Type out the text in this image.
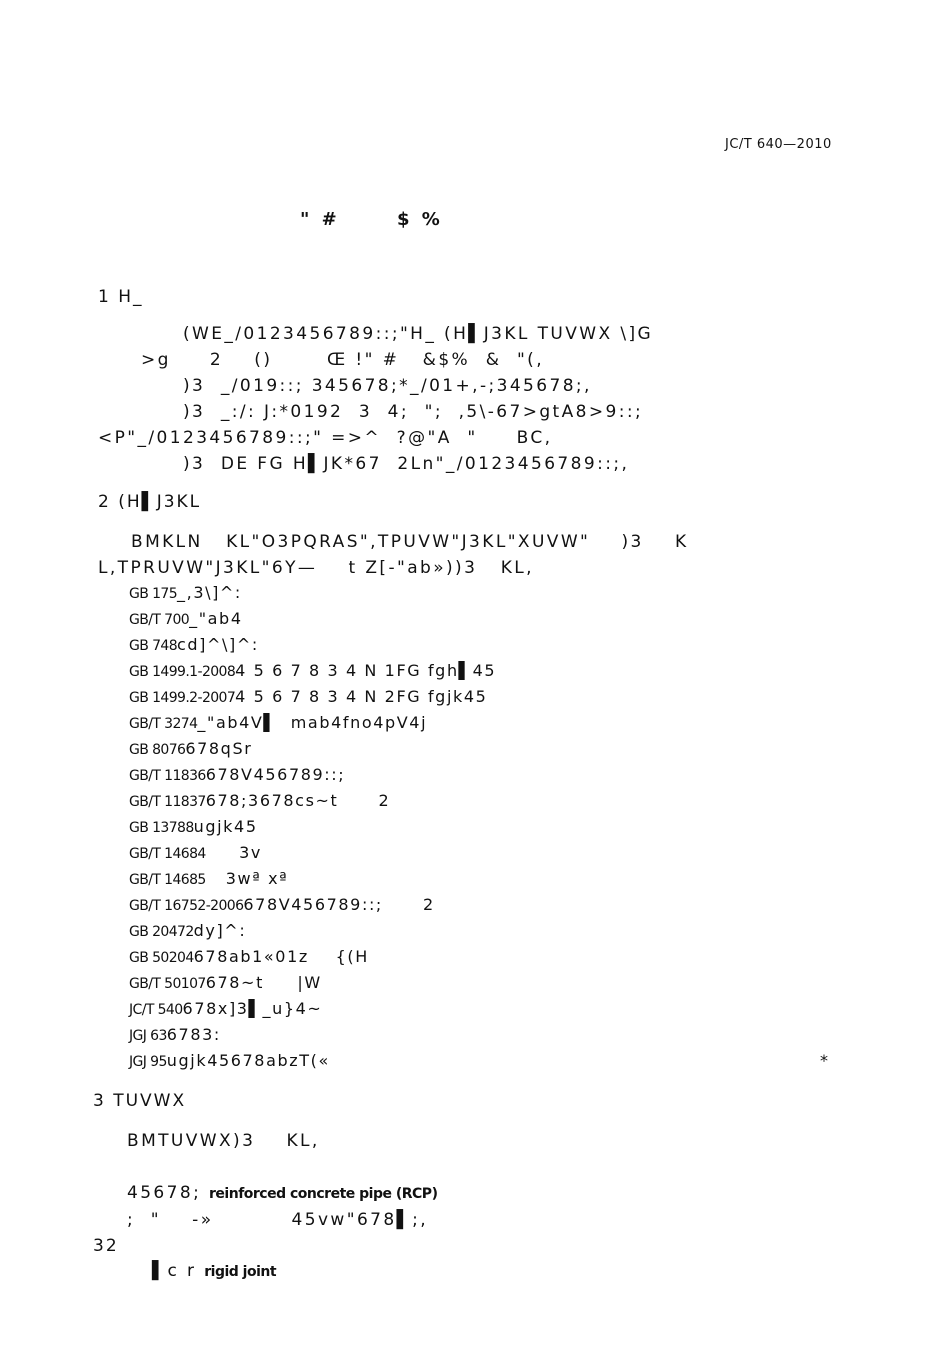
JC/T 640—2010
" #	$ %
1 H_
(WE_/0123456789::;"H_ (H▌J3KL TUVWX \]G
>g     2    ()       Œ !" #   &$%  &  "(,
)3  _/019::; 345678;*_/01+,-;345678;,
)3  _:/: J:*0192  3  4;  ";  ,5\-67>gtA8>9::;
<P"_/0123456789::;" =>^  ?@"A  "     BC,
)3  DE FG H▌JK*67  2Ln"_/0123456789::;,
2 (H▌J3KL
BMKLN   KL"O3PQRAS",TPUVW"J3KL"XUVW"    )3    K
L,TPRUVW"J3KL"6Y—    t Z[-"ab»))3   KL,
GB 175_,3\]^:
GB/T 700_"ab4
GB 748cd]^\]^:
GB 1499.1-20084 5 6 7 8 3 4 N 1FG fgh▌45
GB 1499.2-20074 5 6 7 8 3 4 N 2FG fgjk45
GB/T 3274_"ab4V▌  mab4fno4pV4j
GB 8076678qSr
GB/T 11836678V456789::;
GB/T 11837678;3678cs~t      2
GB 13788ugjk45
GB/T 14684     3v
GB/T 14685   3wª xª
GB/T 16752-2006678V456789::;      2
GB 20472dy]^:
GB 50204678ab1«01z    {(H
GB/T 50107678~t     |W
JC/T 540678x]3▌_u}4~
JGJ 636783:
JGJ 95ugjk45678abzT(«	*
3 TUVWX
BMTUVWX)3    KL,
45678; reinforced concrete pipe (RCP)
;  "    -»          45vw"678▌;,
32
▌c r rigid joint
